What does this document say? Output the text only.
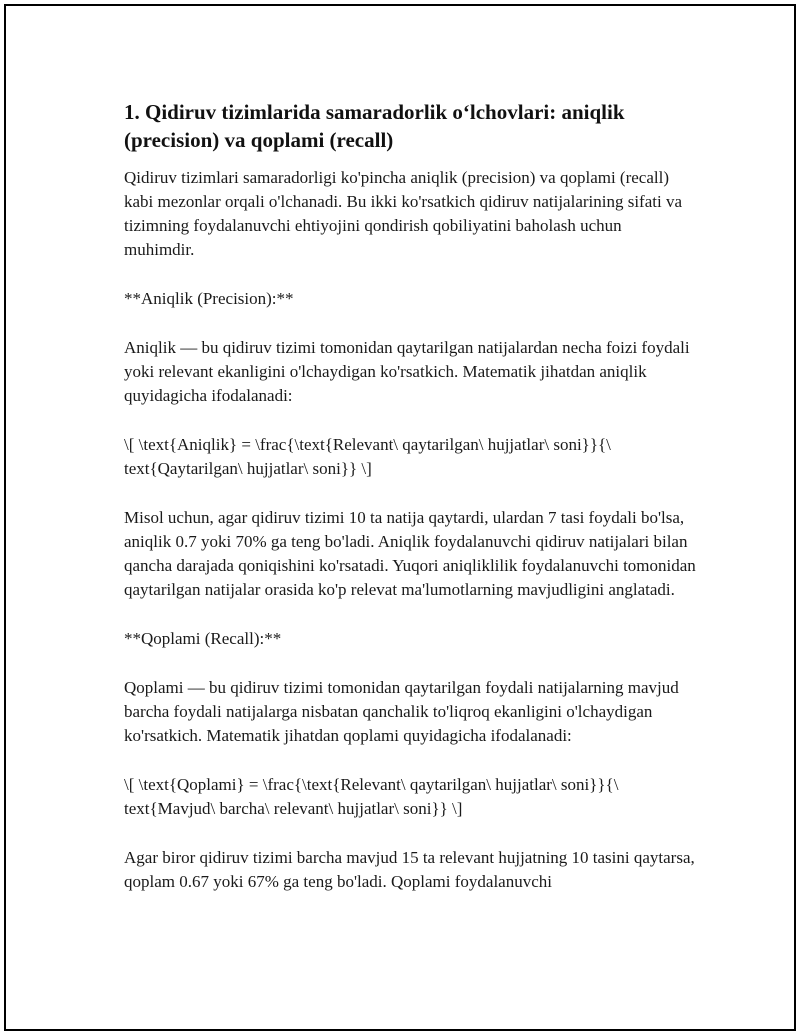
1. Qidiruv tizimlarida samaradorlik o‘lchovlari: aniqlik (precision) va qoplami (recall)

Qidiruv tizimlari samaradorligi ko'pincha aniqlik (precision) va qoplami (recall) kabi mezonlar orqali o'lchanadi. Bu ikki ko'rsatkich qidiruv natijalarining sifati va tizimning foydalanuvchi ehtiyojini qondirish qobiliyatini baholash uchun muhimdir.

**Aniqlik (Precision):**

Aniqlik — bu qidiruv tizimi tomonidan qaytarilgan natijalardan necha foizi foydali yoki relevant ekanligini o'lchaydigan ko'rsatkich. Matematik jihatdan aniqlik quyidagicha ifodalanadi:

\[ \text{Aniqlik} = \frac{\text{Relevant\ qaytarilgan\ hujjatlar\ soni}}{\ text{Qaytarilgan\ hujjatlar\ soni}} \]

Misol uchun, agar qidiruv tizimi 10 ta natija qaytardi, ulardan 7 tasi foydali bo'lsa, aniqlik 0.7 yoki 70% ga teng bo'ladi. Aniqlik foydalanuvchi qidiruv natijalari bilan qancha darajada qoniqishini ko'rsatadi. Yuqori aniqliklilik foydalanuvchi tomonidan qaytarilgan natijalar orasida ko'p relevat ma'lumotlarning mavjudligini anglatadi.

**Qoplami (Recall):**

Qoplami — bu qidiruv tizimi tomonidan qaytarilgan foydali natijalarning mavjud barcha foydali natijalarga nisbatan qanchalik to'liqroq ekanligini o'lchaydigan ko'rsatkich. Matematik jihatdan qoplami quyidagicha ifodalanadi:

\[ \text{Qoplami} = \frac{\text{Relevant\ qaytarilgan\ hujjatlar\ soni}}{\ text{Mavjud\ barcha\ relevant\ hujjatlar\ soni}} \]

Agar biror qidiruv tizimi barcha mavjud 15 ta relevant hujjatning 10 tasini qaytarsa, qoplam 0.67 yoki 67% ga teng bo'ladi. Qoplami foydalanuvchi
